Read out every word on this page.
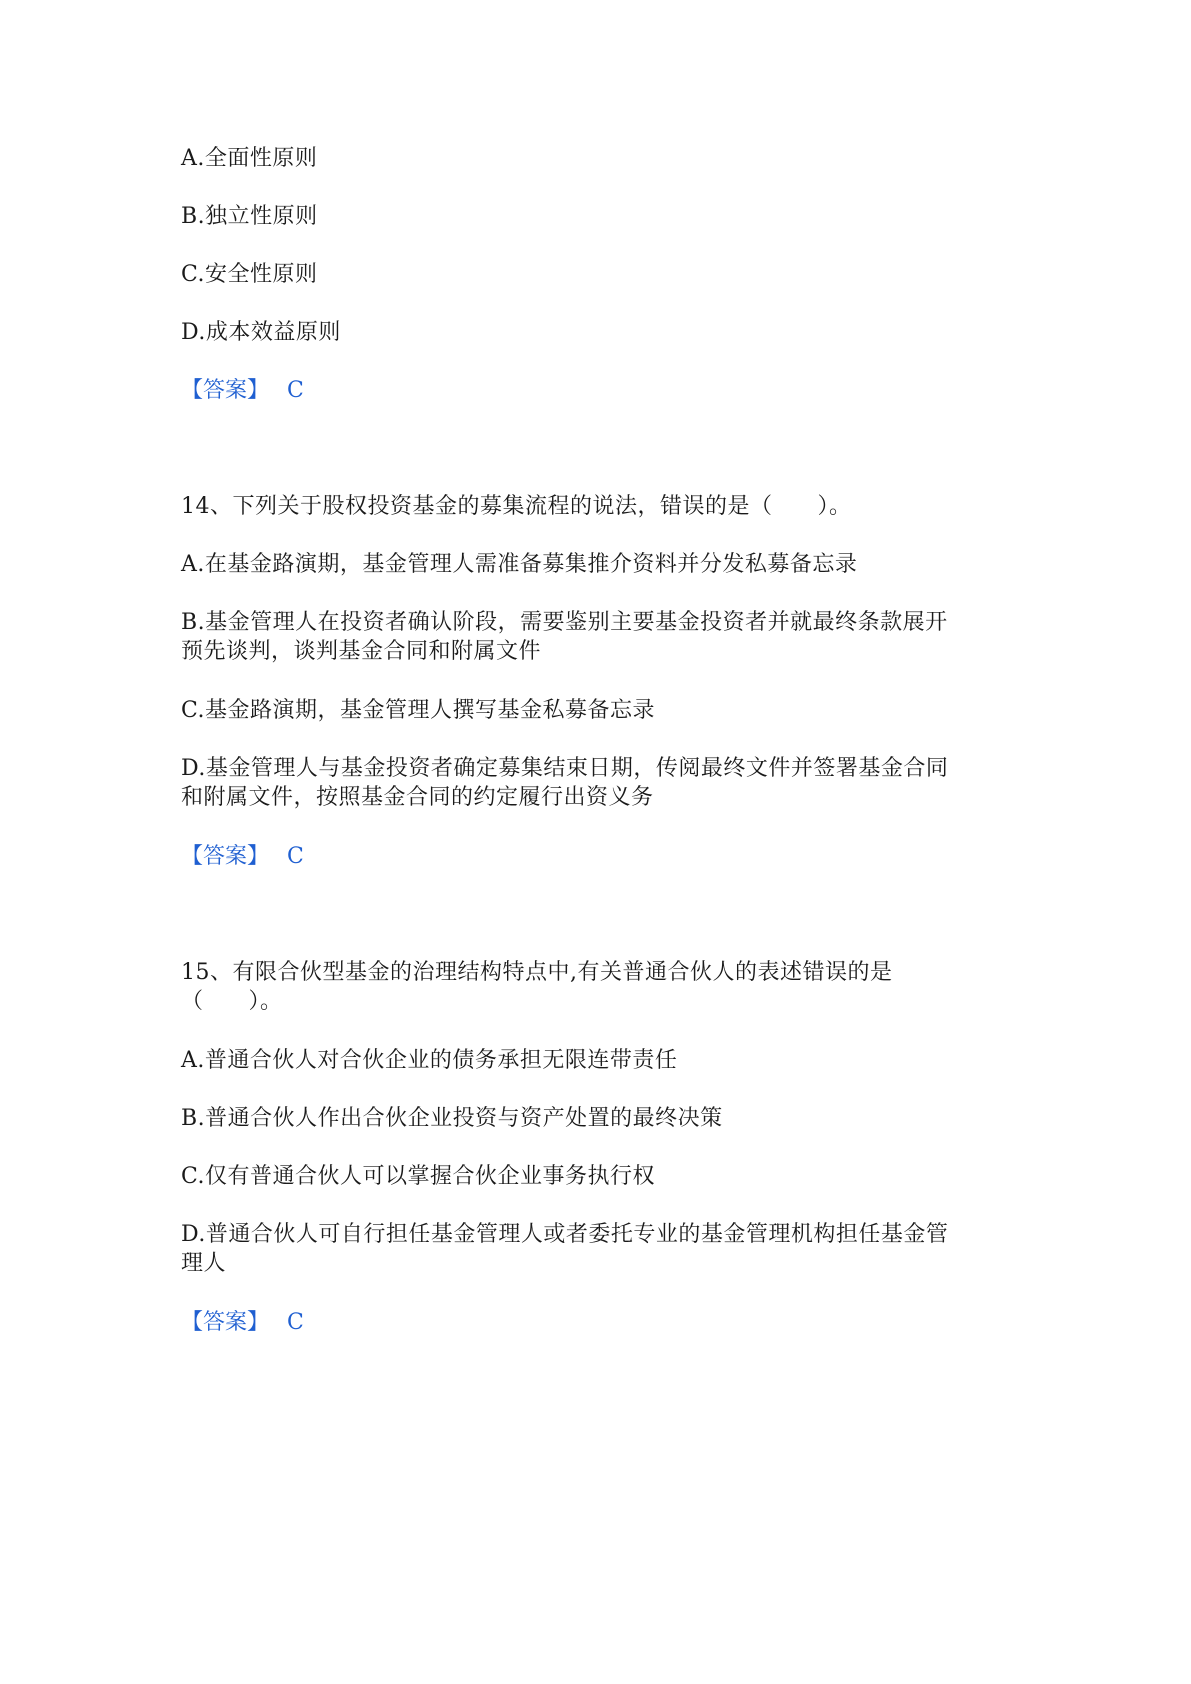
A.全面性原则
B.独立性原则
C.安全性原则
D.成本效益原则
【答案】 C
14、下列关于股权投资基金的募集流程的说法，错误的是（　　）。
A.在基金路演期，基金管理人需准备募集推介资料并分发私募备忘录
B.基金管理人在投资者确认阶段，需要鉴别主要基金投资者并就最终条款展开
预先谈判，谈判基金合同和附属文件
C.基金路演期，基金管理人撰写基金私募备忘录
D.基金管理人与基金投资者确定募集结束日期，传阅最终文件并签署基金合同
和附属文件，按照基金合同的约定履行出资义务
【答案】 C
15、有限合伙型基金的治理结构特点中,有关普通合伙人的表述错误的是
（　　）。
A.普通合伙人对合伙企业的债务承担无限连带责任
B.普通合伙人作出合伙企业投资与资产处置的最终决策
C.仅有普通合伙人可以掌握合伙企业事务执行权
D.普通合伙人可自行担任基金管理人或者委托专业的基金管理机构担任基金管
理人
【答案】 C
